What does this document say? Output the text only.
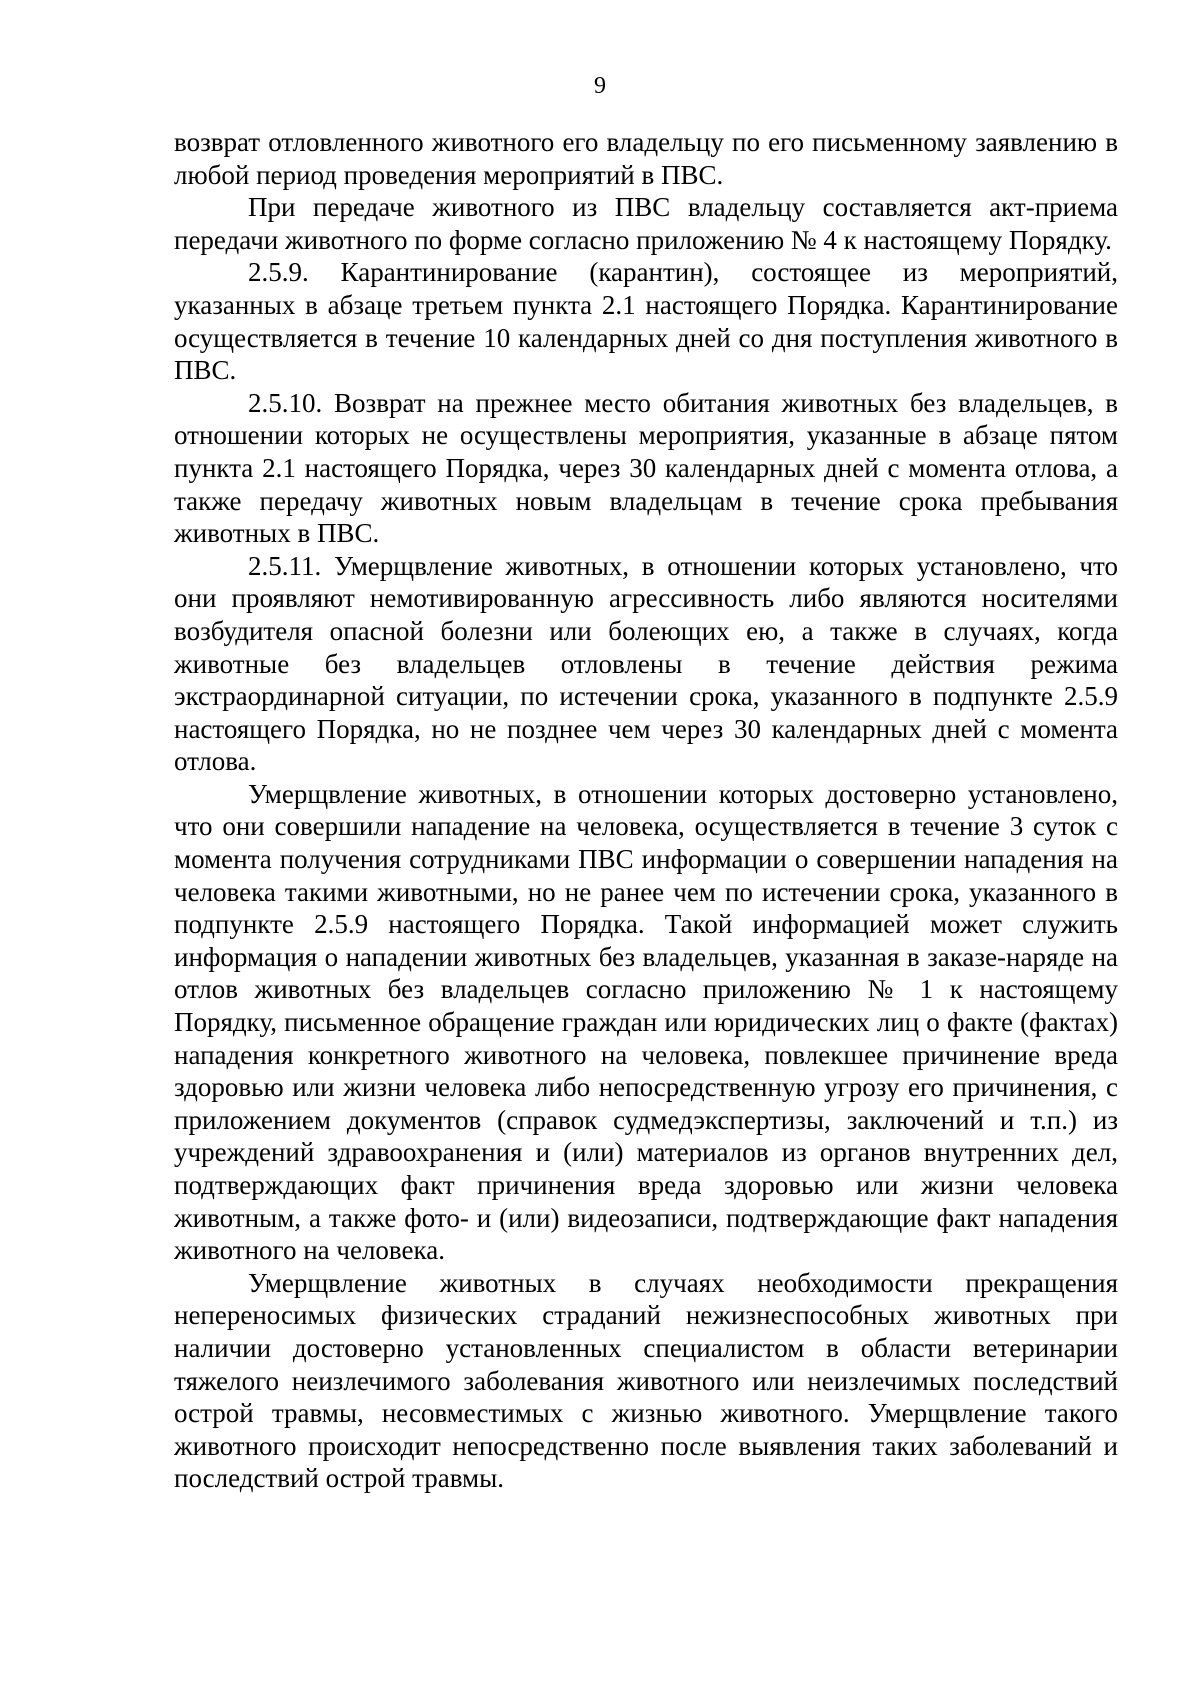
9

возврат отловленного животного его владельцу по его письменному заявлению в любой период проведения мероприятий в ПВС.

При передаче животного из ПВС владельцу составляется акт-приема передачи животного по форме согласно приложению № 4 к настоящему Порядку.

2.5.9. Карантинирование (карантин), состоящее из мероприятий, указанных в абзаце третьем пункта 2.1 настоящего Порядка. Карантинирование осуществляется в течение 10 календарных дней со дня поступления животного в ПВС.

2.5.10. Возврат на прежнее место обитания животных без владельцев, в отношении которых не осуществлены мероприятия, указанные в абзаце пятом пункта 2.1 настоящего Порядка, через 30 календарных дней с момента отлова, а также передачу животных новым владельцам в течение срока пребывания животных в ПВС.

2.5.11. Умерщвление животных, в отношении которых установлено, что они проявляют немотивированную агрессивность либо являются носителями возбудителя опасной болезни или болеющих ею, а также в случаях, когда животные без владельцев отловлены в течение действия режима экстраординарной ситуации, по истечении срока, указанного в подпункте 2.5.9 настоящего Порядка, но не позднее чем через 30 календарных дней с момента отлова.

Умерщвление животных, в отношении которых достоверно установлено, что они совершили нападение на человека, осуществляется в течение 3 суток с момента получения сотрудниками ПВС информации о совершении нападения на человека такими животными, но не ранее чем по истечении срока, указанного в подпункте 2.5.9 настоящего Порядка. Такой информацией может служить информация о нападении животных без владельцев, указанная в заказе-наряде на отлов животных без владельцев согласно приложению № 1 к настоящему Порядку, письменное обращение граждан или юридических лиц о факте (фактах) нападения конкретного животного на человека, повлекшее причинение вреда здоровью или жизни человека либо непосредственную угрозу его причинения, с приложением документов (справок судмедэкспертизы, заключений и т.п.) из учреждений здравоохранения и (или) материалов из органов внутренних дел, подтверждающих факт причинения вреда здоровью или жизни человека животным, а также фото- и (или) видеозаписи, подтверждающие факт нападения животного на человека.

Умерщвление животных в случаях необходимости прекращения непереносимых физических страданий нежизнеспособных животных при наличии достоверно установленных специалистом в области ветеринарии тяжелого неизлечимого заболевания животного или неизлечимых последствий острой травмы, несовместимых с жизнью животного. Умерщвление такого животного происходит непосредственно после выявления таких заболеваний и последствий острой травмы.
